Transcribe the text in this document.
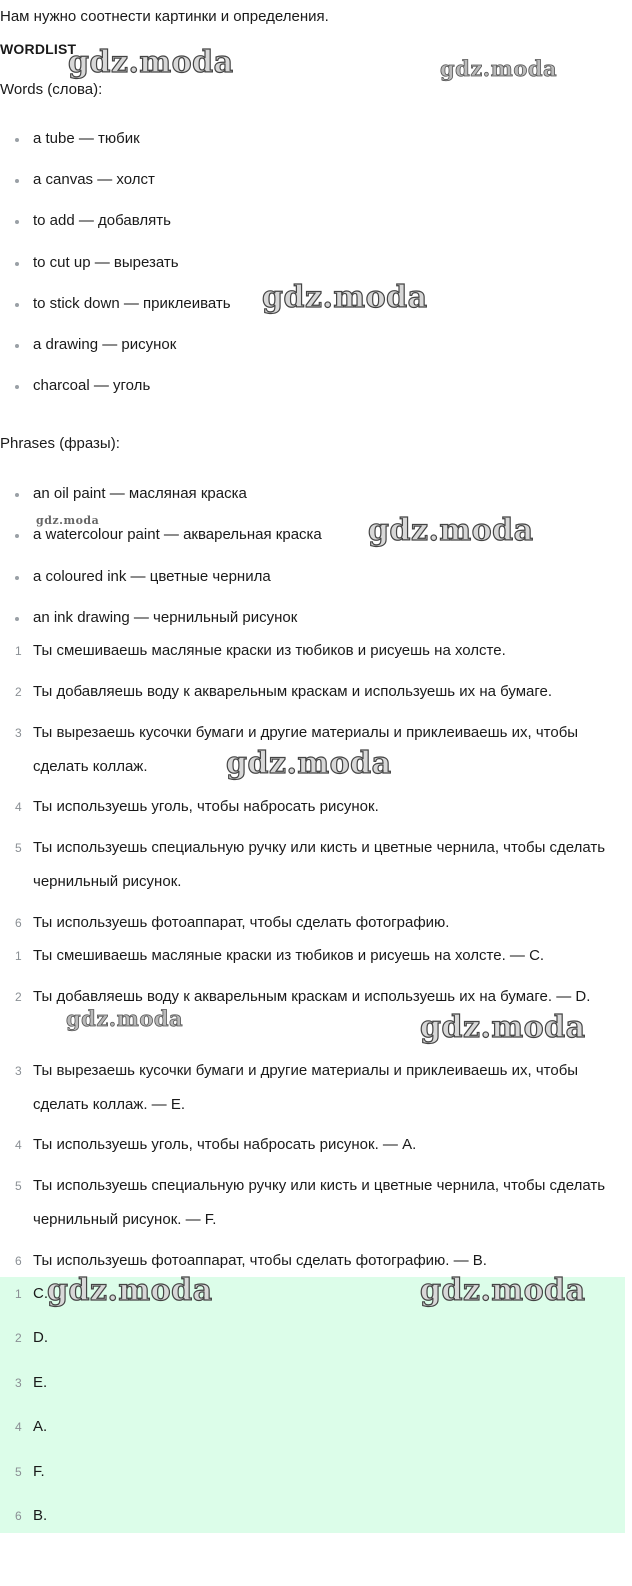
Нам нужно соотнести картинки и определения.
WORDLIST
Words (слова):
a tube — тюбик
a canvas — холст
to add — добавлять
to cut up — вырезать
to stick down — приклеивать
a drawing — рисунок
charcoal — уголь
Phrases (фразы):
an oil paint — масляная краска
a watercolour paint — акварельная краска
a coloured ink — цветные чернила
an ink drawing — чернильный рисунок
1 Ты смешиваешь масляные краски из тюбиков и рисуешь на холсте.
2 Ты добавляешь воду к акварельным краскам и используешь их на бумаге.
3 Ты вырезаешь кусочки бумаги и другие материалы и приклеиваешь их, чтобы сделать коллаж.
4 Ты используешь уголь, чтобы набросать рисунок.
5 Ты используешь специальную ручку или кисть и цветные чернила, чтобы сделать чернильный рисунок.
6 Ты используешь фотоаппарат, чтобы сделать фотографию.
1 Ты смешиваешь масляные краски из тюбиков и рисуешь на холсте. — C.
2 Ты добавляешь воду к акварельным краскам и используешь их на бумаге. — D.
3 Ты вырезаешь кусочки бумаги и другие материалы и приклеиваешь их, чтобы сделать коллаж. — E.
4 Ты используешь уголь, чтобы набросать рисунок. — A.
5 Ты используешь специальную ручку или кисть и цветные чернила, чтобы сделать чернильный рисунок. — F.
6 Ты используешь фотоаппарат, чтобы сделать фотографию. — B.
1 C.
2 D.
3 E.
4 A.
5 F.
6 B.
gdz.moda	gdz.moda
gdz.moda
gdz.moda	gdz.moda
gdz.moda
gdz.moda	gdz.moda
gdz.moda	gdz.moda
